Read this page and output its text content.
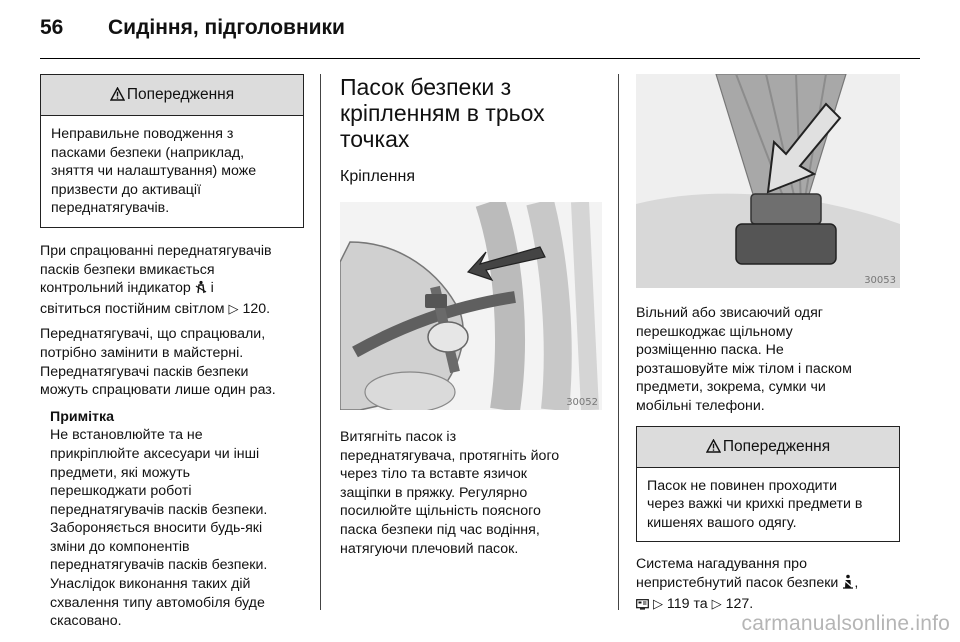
56 Сидіння, підголовники
Попередження
Неправильне поводження з
пасками безпеки (наприклад,
зняття чи налаштування) може
призвести до активації
переднатягувачів.
При спрацюванні переднатягувачів
пасків безпеки вмикається
контрольний індикатор і
світиться постійним світлом ▷ 120.
Переднатягувачі, що спрацювали,
потрібно замінити в майстерні.
Переднатягувачі пасків безпеки
можуть спрацювати лише один раз.
Примітка
Не встановлюйте та не
прикріплюйте аксесуари чи інші
предмети, які можуть
перешкоджати роботі
переднатягувачів пасків безпеки.
Забороняється вносити будь-які
зміни до компонентів
переднатягувачів пасків безпеки.
Унаслідок виконання таких дій
схвалення типу автомобіля буде
скасовано.
Пасок безпеки з
кріпленням в трьох
точках
Кріплення
30052
Витягніть пасок із
переднатягувача, протягніть його
через тіло та вставте язичок
защіпки в пряжку. Регулярно
посилюйте щільність поясного
паска безпеки під час водіння,
натягуючи плечовий пасок.
30053
Вільний або звисаючий одяг
перешкоджає щільному
розміщенню паска. Не
розташовуйте між тілом і паском
предмети, зокрема, сумки чи
мобільні телефони.
Попередження
Пасок не повинен проходити
через важкі чи крихкі предмети в
кишенях вашого одягу.
Система нагадування про
непристебнутий пасок безпеки ,
▷ 119 та ▷ 127.
carmanualsonline.info
